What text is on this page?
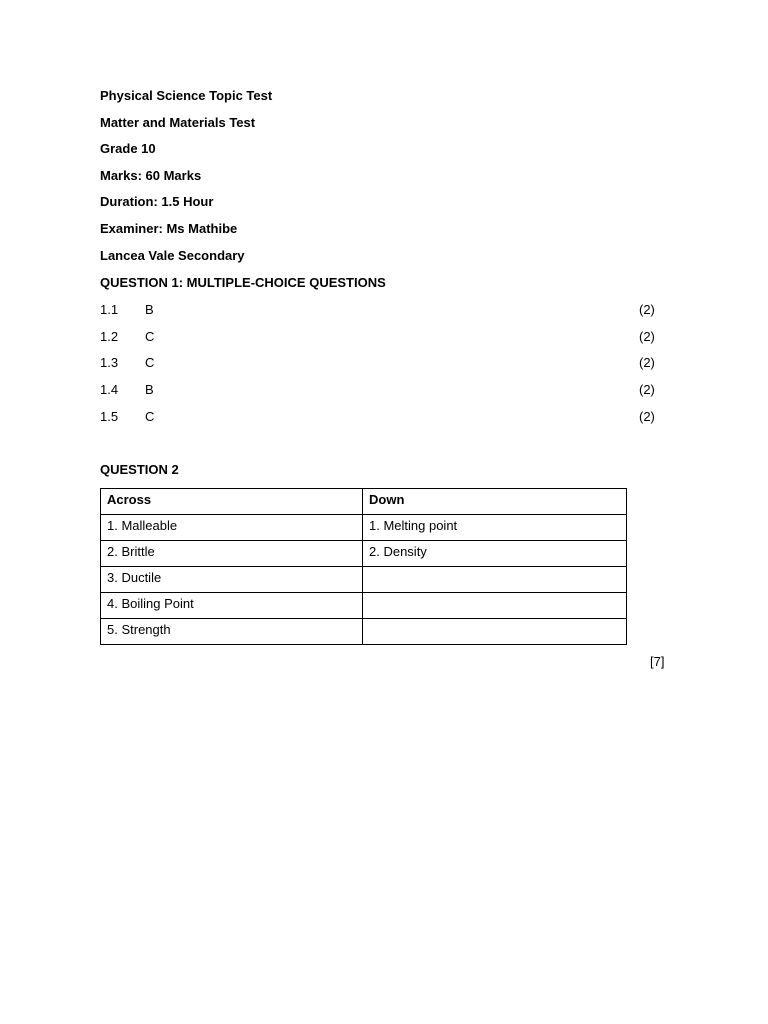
Physical Science Topic Test
Matter and Materials Test
Grade 10
Marks: 60 Marks
Duration: 1.5 Hour
Examiner: Ms Mathibe
Lancea Vale Secondary
QUESTION 1: MULTIPLE-CHOICE QUESTIONS
1.1 B	(2)
1.2 C	(2)
1.3 C	(2)
1.4 B	(2)
1.5 C	(2)
QUESTION 2
Across	Down
1. Malleable	1. Melting point
2. Brittle	2. Density
3. Ductile	
4. Boiling Point	
5. Strength	
[7]
